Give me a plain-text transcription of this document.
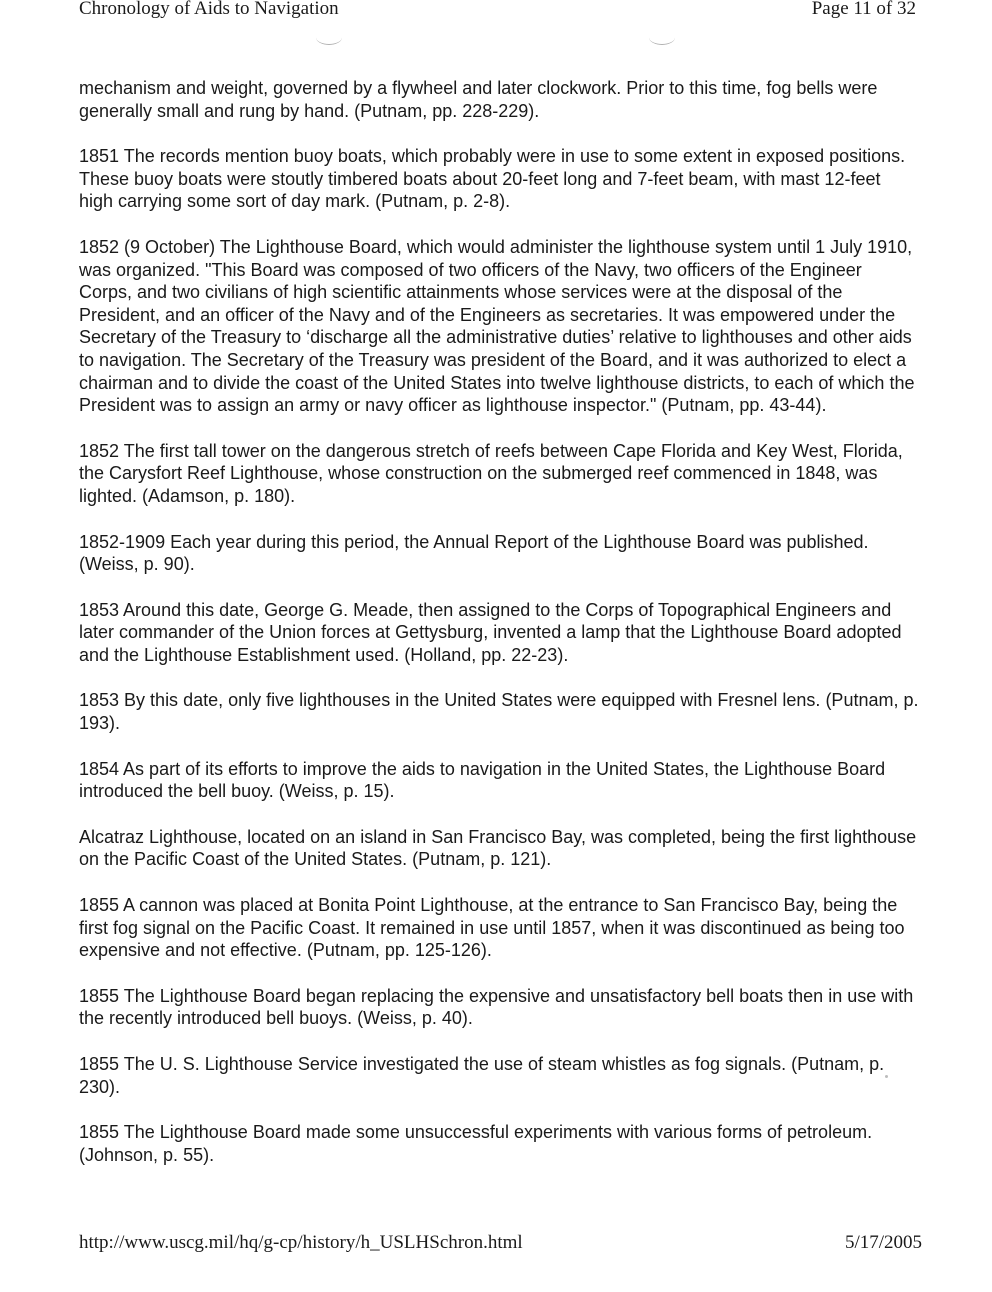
Chronology of Aids to Navigation	Page 11 of 32

mechanism and weight, governed by a flywheel and later clockwork. Prior to this time, fog bells were generally small and rung by hand. (Putnam, pp. 228-229).

1851 The records mention buoy boats, which probably were in use to some extent in exposed positions. These buoy boats were stoutly timbered boats about 20-feet long and 7-feet beam, with mast 12-feet high carrying some sort of day mark. (Putnam, p. 2-8).

1852 (9 October) The Lighthouse Board, which would administer the lighthouse system until 1 July 1910, was organized. "This Board was composed of two officers of the Navy, two officers of the Engineer Corps, and two civilians of high scientific attainments whose services were at the disposal of the President, and an officer of the Navy and of the Engineers as secretaries. It was empowered under the Secretary of the Treasury to ‘discharge all the administrative duties’ relative to lighthouses and other aids to navigation. The Secretary of the Treasury was president of the Board, and it was authorized to elect a chairman and to divide the coast of the United States into twelve lighthouse districts, to each of which the President was to assign an army or navy officer as lighthouse inspector." (Putnam, pp. 43-44).

1852 The first tall tower on the dangerous stretch of reefs between Cape Florida and Key West, Florida, the Carysfort Reef Lighthouse, whose construction on the submerged reef commenced in 1848, was lighted. (Adamson, p. 180).

1852-1909 Each year during this period, the Annual Report of the Lighthouse Board was published. (Weiss, p. 90).

1853 Around this date, George G. Meade, then assigned to the Corps of Topographical Engineers and later commander of the Union forces at Gettysburg, invented a lamp that the Lighthouse Board adopted and the Lighthouse Establishment used. (Holland, pp. 22-23).

1853 By this date, only five lighthouses in the United States were equipped with Fresnel lens. (Putnam, p. 193).

1854 As part of its efforts to improve the aids to navigation in the United States, the Lighthouse Board introduced the bell buoy. (Weiss, p. 15).

Alcatraz Lighthouse, located on an island in San Francisco Bay, was completed, being the first lighthouse on the Pacific Coast of the United States. (Putnam, p. 121).

1855 A cannon was placed at Bonita Point Lighthouse, at the entrance to San Francisco Bay, being the first fog signal on the Pacific Coast. It remained in use until 1857, when it was discontinued as being too expensive and not effective. (Putnam, pp. 125-126).

1855 The Lighthouse Board began replacing the expensive and unsatisfactory bell boats then in use with the recently introduced bell buoys. (Weiss, p. 40).

1855 The U. S. Lighthouse Service investigated the use of steam whistles as fog signals. (Putnam, p. 230).

1855 The Lighthouse Board made some unsuccessful experiments with various forms of petroleum. (Johnson, p. 55).

http://www.uscg.mil/hq/g-cp/history/h_USLHSchron.html	5/17/2005
